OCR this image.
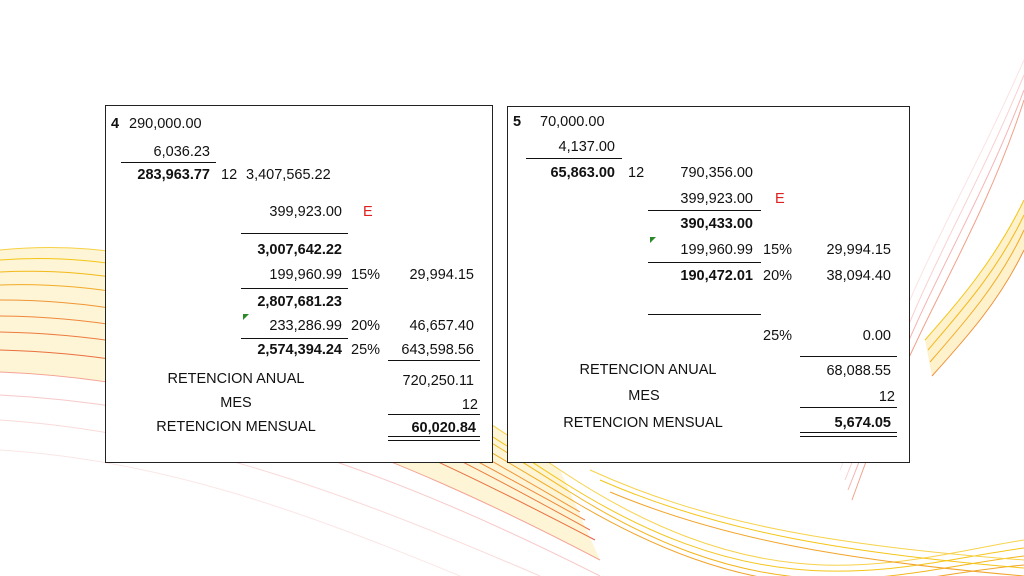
4 290,000.00
6,036.23
283,963.77 12 3,407,565.22
399,923.00 E
3,007,642.22
199,960.99 15%	29,994.15
2,807,681.23
233,286.99 20%	46,657.40
2,574,394.24 25%	643,598.56
RETENCION ANUAL	720,250.11
MES	12
RETENCION MENSUAL	60,020.84
5 70,000.00
4,137.00
65,863.00 12	790,356.00
399,923.00 E
390,433.00
199,960.99 15%	29,994.15
190,472.01 20%	38,094.40
25%	0.00
RETENCION ANUAL	68,088.55
MES	12
RETENCION MENSUAL	5,674.05
